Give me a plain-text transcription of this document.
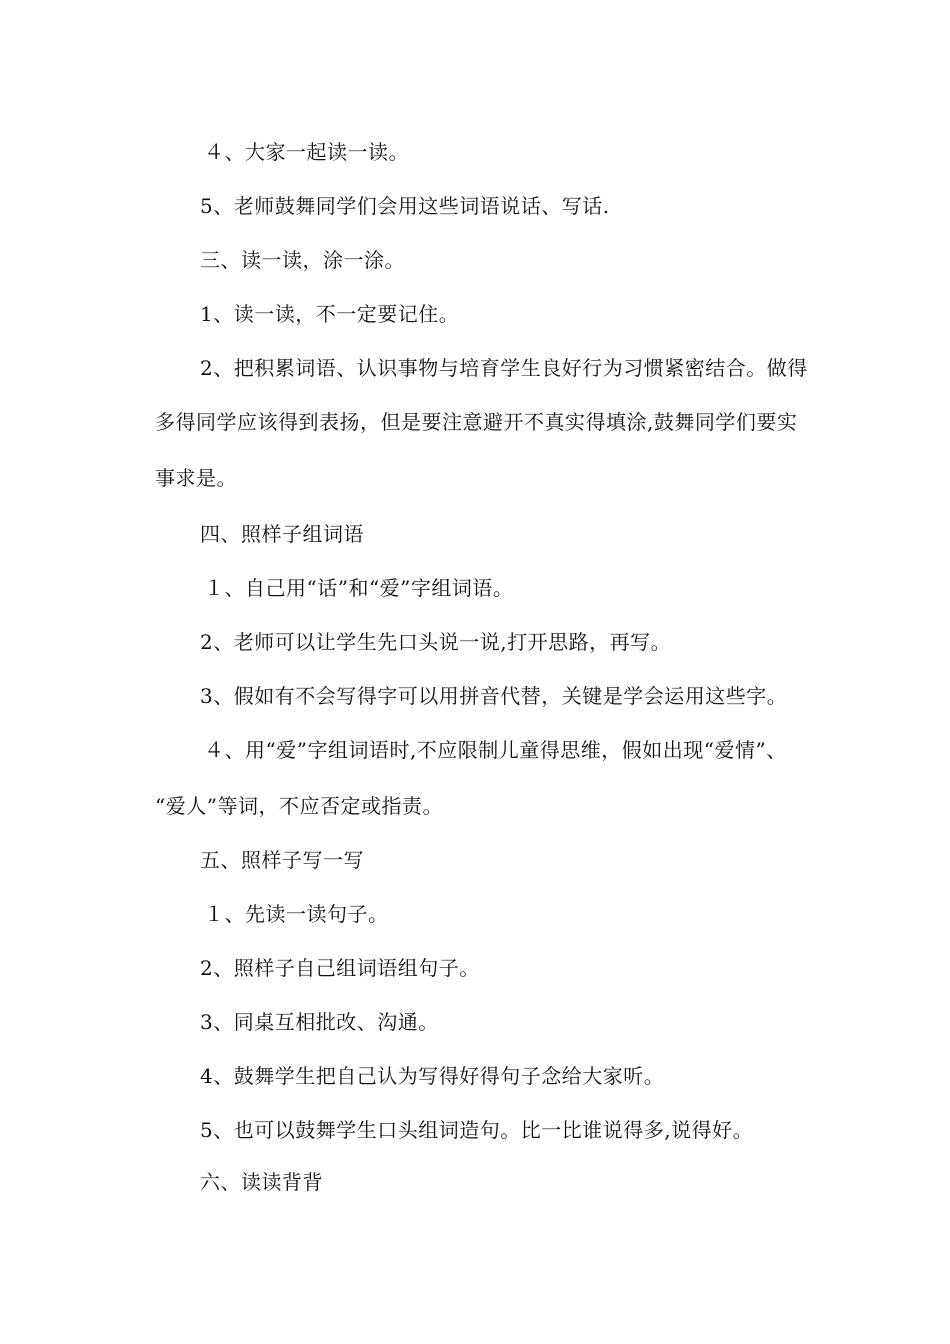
４、大家一起读一读。
5、老师鼓舞同学们会用这些词语说话、写话.
三、读一读，涂一涂。
1、读一读，不一定要记住。
2、把积累词语、认识事物与培育学生良好行为习惯紧密结合。做得
多得同学应该得到表扬，但是要注意避开不真实得填涂,鼓舞同学们要实
事求是。
四、照样子组词语
１、自己用“话”和“爱”字组词语。
2、老师可以让学生先口头说一说,打开思路，再写。
3、假如有不会写得字可以用拼音代替，关键是学会运用这些字。
４、用“爱”字组词语时,不应限制儿童得思维，假如出现“爱情”、
“爱人”等词，不应否定或指责。
五、照样子写一写
１、先读一读句子。
2、照样子自己组词语组句子。
3、同桌互相批改、沟通。
4、鼓舞学生把自己认为写得好得句子念给大家听。
5、也可以鼓舞学生口头组词造句。比一比谁说得多,说得好。
六、读读背背
